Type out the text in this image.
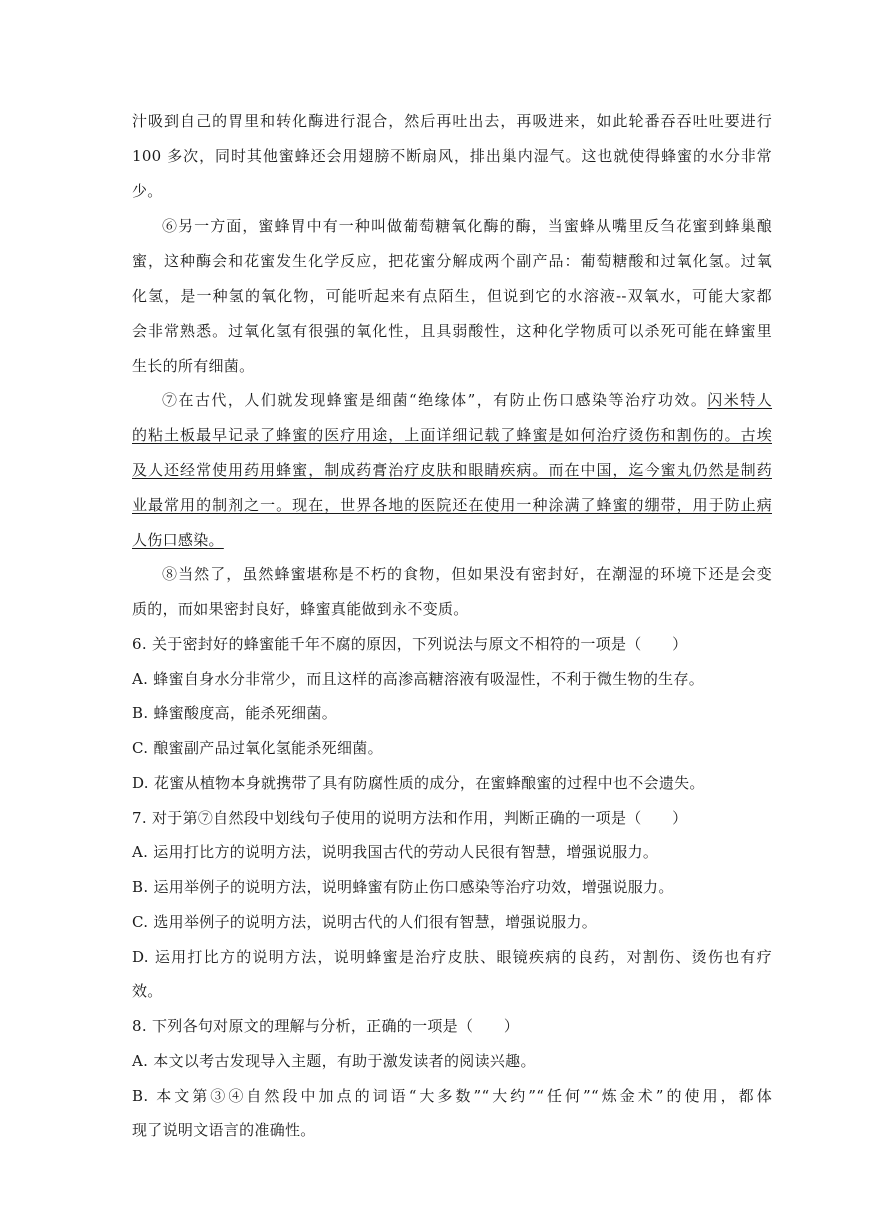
汁吸到自己的胃里和转化酶进行混合，然后再吐出去，再吸进来，如此轮番吞吞吐吐要进行
100 多次，同时其他蜜蜂还会用翅膀不断扇风，排出巢内湿气。这也就使得蜂蜜的水分非常
少。
⑥另一方面，蜜蜂胃中有一种叫做葡萄糖氧化酶的酶，当蜜蜂从嘴里反刍花蜜到蜂巢酿
蜜，这种酶会和花蜜发生化学反应，把花蜜分解成两个副产品：葡萄糖酸和过氧化氢。过氧
化氢，是一种氢的氧化物，可能听起来有点陌生，但说到它的水溶液--双氧水，可能大家都
会非常熟悉。过氧化氢有很强的氧化性，且具弱酸性，这种化学物质可以杀死可能在蜂蜜里
生长的所有细菌。
⑦在古代，人们就发现蜂蜜是细菌“绝缘体”，有防止伤口感染等治疗功效。闪米特人
的粘土板最早记录了蜂蜜的医疗用途，上面详细记载了蜂蜜是如何治疗烫伤和割伤的。古埃
及人还经常使用药用蜂蜜，制成药膏治疗皮肤和眼睛疾病。而在中国，迄今蜜丸仍然是制药
业最常用的制剂之一。现在，世界各地的医院还在使用一种涂满了蜂蜜的绷带，用于防止病
人伤口感染。
⑧当然了，虽然蜂蜜堪称是不朽的食物，但如果没有密封好，在潮湿的环境下还是会变
质的，而如果密封良好，蜂蜜真能做到永不变质。
6. 关于密封好的蜂蜜能千年不腐的原因，下列说法与原文不相符的一项是（　　）
A. 蜂蜜自身水分非常少，而且这样的高渗高糖溶液有吸湿性，不利于微生物的生存。
B. 蜂蜜酸度高，能杀死细菌。
C. 酿蜜副产品过氧化氢能杀死细菌。
D. 花蜜从植物本身就携带了具有防腐性质的成分，在蜜蜂酿蜜的过程中也不会遗失。
7. 对于第⑦自然段中划线句子使用的说明方法和作用，判断正确的一项是（　　）
A. 运用打比方的说明方法，说明我国古代的劳动人民很有智慧，增强说服力。
B. 运用举例子的说明方法，说明蜂蜜有防止伤口感染等治疗功效，增强说服力。
C. 选用举例子的说明方法，说明古代的人们很有智慧，增强说服力。
D. 运用打比方的说明方法，说明蜂蜜是治疗皮肤、眼镜疾病的良药，对割伤、烫伤也有疗
效。
8. 下列各句对原文的理解与分析，正确的一项是（　　）
A. 本文以考古发现导入主题，有助于激发读者的阅读兴趣。
B. 本文第③④自然段中加点的词语“大多数”“大约”“任何”“炼金术”的使用，都体
现了说明文语言的准确性。
